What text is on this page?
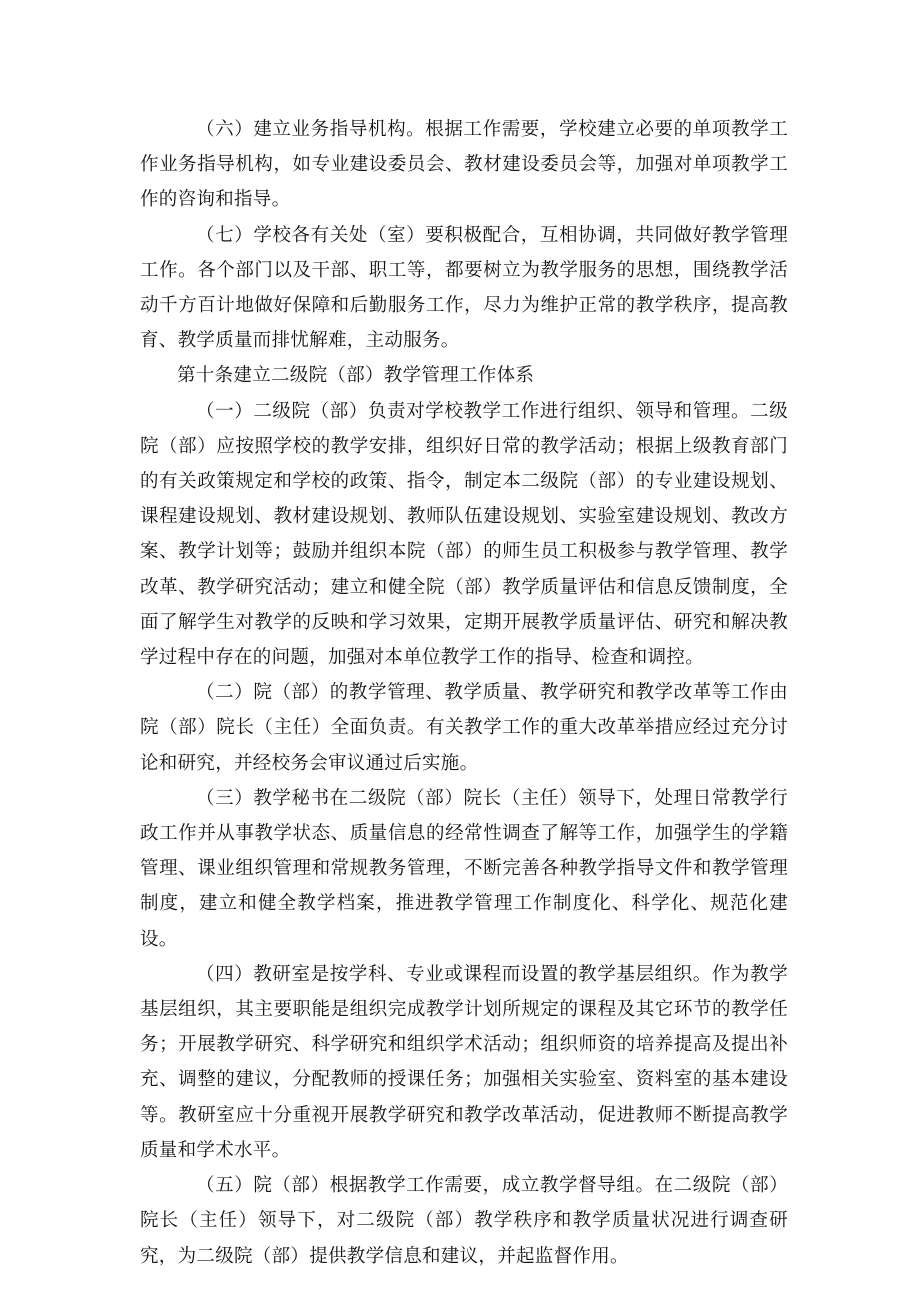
（六）建立业务指导机构。根据工作需要，学校建立必要的单项教学工作业务指导机构，如专业建设委员会、教材建设委员会等，加强对单项教学工作的咨询和指导。

（七）学校各有关处（室）要积极配合，互相协调，共同做好教学管理工作。各个部门以及干部、职工等，都要树立为教学服务的思想，围绕教学活动千方百计地做好保障和后勤服务工作，尽力为维护正常的教学秩序，提高教育、教学质量而排忧解难，主动服务。

第十条建立二级院（部）教学管理工作体系

（一）二级院（部）负责对学校教学工作进行组织、领导和管理。二级院（部）应按照学校的教学安排，组织好日常的教学活动；根据上级教育部门的有关政策规定和学校的政策、指令，制定本二级院（部）的专业建设规划、课程建设规划、教材建设规划、教师队伍建设规划、实验室建设规划、教改方案、教学计划等；鼓励并组织本院（部）的师生员工积极参与教学管理、教学改革、教学研究活动；建立和健全院（部）教学质量评估和信息反馈制度，全面了解学生对教学的反映和学习效果，定期开展教学质量评估、研究和解决教学过程中存在的问题，加强对本单位教学工作的指导、检查和调控。

（二）院（部）的教学管理、教学质量、教学研究和教学改革等工作由院（部）院长（主任）全面负责。有关教学工作的重大改革举措应经过充分讨论和研究，并经校务会审议通过后实施。

（三）教学秘书在二级院（部）院长（主任）领导下，处理日常教学行政工作并从事教学状态、质量信息的经常性调查了解等工作，加强学生的学籍管理、课业组织管理和常规教务管理，不断完善各种教学指导文件和教学管理制度，建立和健全教学档案，推进教学管理工作制度化、科学化、规范化建设。

（四）教研室是按学科、专业或课程而设置的教学基层组织。作为教学基层组织，其主要职能是组织完成教学计划所规定的课程及其它环节的教学任务；开展教学研究、科学研究和组织学术活动；组织师资的培养提高及提出补充、调整的建议，分配教师的授课任务；加强相关实验室、资料室的基本建设等。教研室应十分重视开展教学研究和教学改革活动，促进教师不断提高教学质量和学术水平。

（五）院（部）根据教学工作需要，成立教学督导组。在二级院（部）院长（主任）领导下，对二级院（部）教学秩序和教学质量状况进行调查研究，为二级院（部）提供教学信息和建议，并起监督作用。
